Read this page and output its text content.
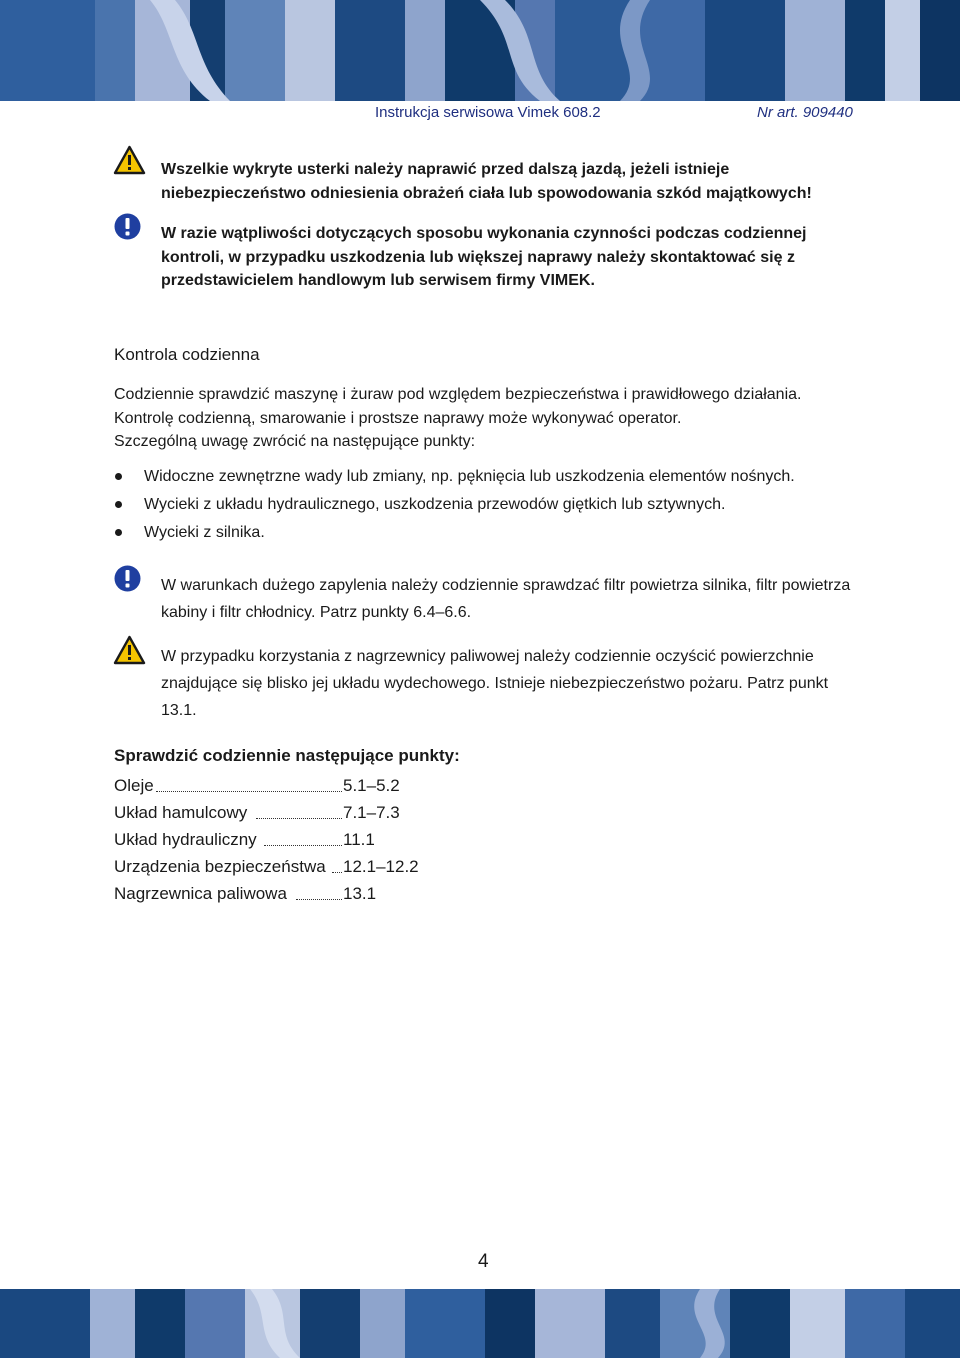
Instrukcja serwisowa Vimek 608.2	Nr art. 909440
Wszelkie wykryte usterki należy naprawić przed dalszą jazdą, jeżeli istnieje niebezpieczeństwo odniesienia obrażeń ciała lub spowodowania szkód majątkowych!
W razie wątpliwości dotyczących sposobu wykonania czynności podczas codziennej kontroli, w przypadku uszkodzenia lub większej naprawy należy skontaktować się z przedstawicielem handlowym lub serwisem firmy VIMEK.
Kontrola codzienna
Codziennie sprawdzić maszynę i żuraw pod względem bezpieczeństwa i prawidłowego działania.
Kontrolę codzienną, smarowanie i prostsze naprawy może wykonywać operator.
Szczególną uwagę zwrócić na następujące punkty:
Widoczne zewnętrzne wady lub zmiany, np. pęknięcia lub uszkodzenia elementów nośnych.
Wycieki z układu hydraulicznego, uszkodzenia przewodów giętkich lub sztywnych.
Wycieki z silnika.
W warunkach dużego zapylenia należy codziennie sprawdzać filtr powietrza silnika, filtr powietrza kabiny i filtr chłodnicy. Patrz punkty 6.4–6.6.
W przypadku korzystania z nagrzewnicy paliwowej należy codziennie oczyścić powierzchnie znajdujące się blisko jej układu wydechowego. Istnieje niebezpieczeństwo pożaru. Patrz punkt 13.1.
Sprawdzić codziennie następujące punkty:
Oleje	5.1–5.2
Układ hamulcowy	7.1–7.3
Układ hydrauliczny	11.1
Urządzenia bezpieczeństwa 12.1–12.2
Nagrzewnica paliwowa	13.1
4
